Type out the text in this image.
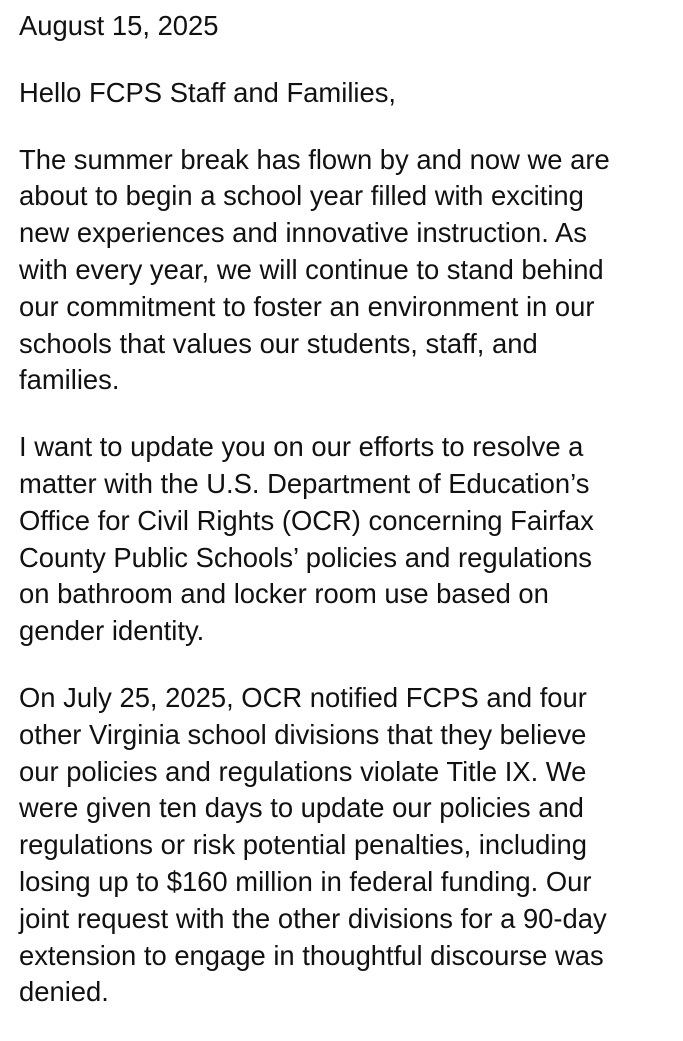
August 15, 2025
Hello FCPS Staff and Families,
The summer break has flown by and now we are
about to begin a school year filled with exciting
new experiences and innovative instruction. As
with every year, we will continue to stand behind
our commitment to foster an environment in our
schools that values our students, staff, and
families.
I want to update you on our efforts to resolve a
matter with the U.S. Department of Education’s
Office for Civil Rights (OCR) concerning Fairfax
County Public Schools’ policies and regulations
on bathroom and locker room use based on
gender identity.
On July 25, 2025, OCR notified FCPS and four
other Virginia school divisions that they believe
our policies and regulations violate Title IX. We
were given ten days to update our policies and
regulations or risk potential penalties, including
losing up to $160 million in federal funding. Our
joint request with the other divisions for a 90-day
extension to engage in thoughtful discourse was
denied.
